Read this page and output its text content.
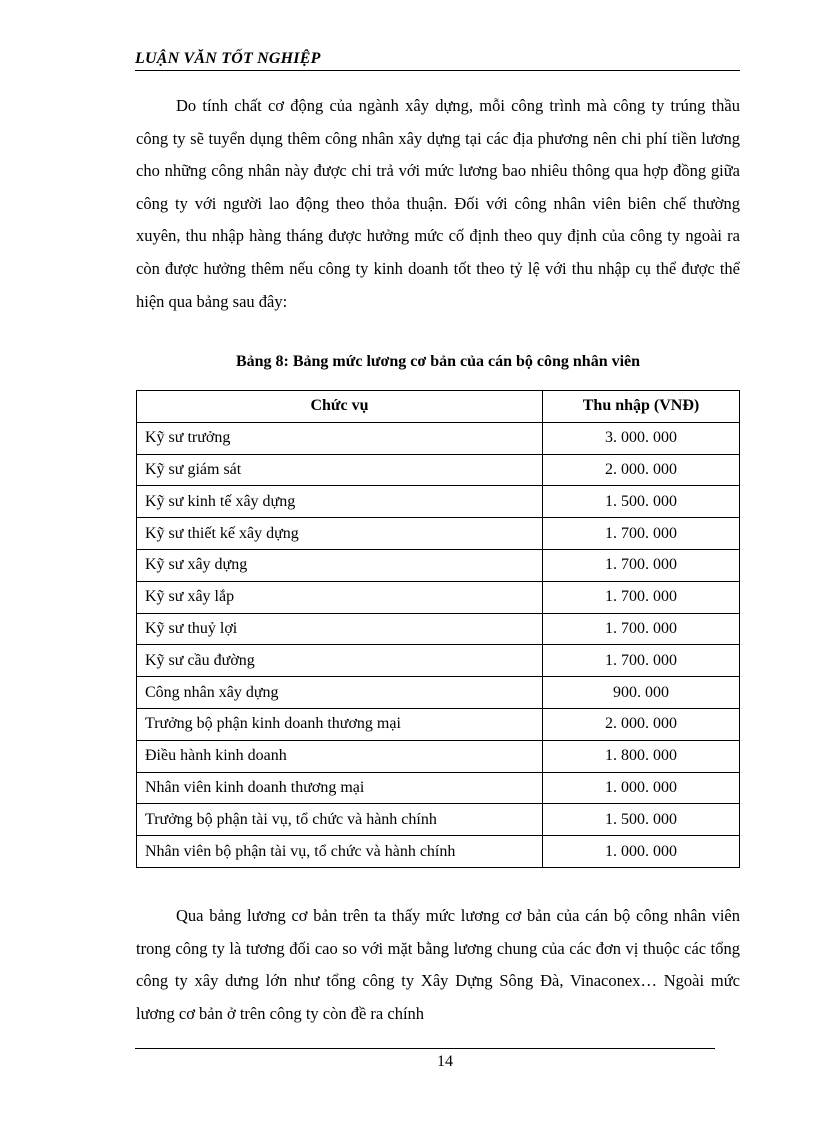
LUẬN VĂN TỐT NGHIỆP

Do tính chất cơ động của ngành xây dựng, mỗi công trình mà công ty trúng thầu công ty sẽ tuyển dụng thêm công nhân xây dựng tại các địa phương nên chi phí tiền lương cho những công nhân này được chi trả với mức lương bao nhiêu thông qua hợp đồng giữa công ty với người lao động theo thỏa thuận. Đối với công nhân viên biên chế thường xuyên, thu nhập hàng tháng được hưởng mức cố định theo quy định của công ty ngoài ra còn được hưởng thêm nếu công ty kinh doanh tốt theo tỷ lệ với thu nhập cụ thể được thể hiện qua bảng sau đây:

Bảng 8: Bảng mức lương cơ bản của cán bộ công nhân viên
Chức vụ	Thu nhập (VNĐ)
Kỹ sư trưởng	3. 000. 000
Kỹ sư giám sát	2. 000. 000
Kỹ sư kinh tế xây dựng	1. 500. 000
Kỹ sư thiết kế xây dựng	1. 700. 000
Kỹ sư xây dựng	1. 700. 000
Kỹ sư xây lắp	1. 700. 000
Kỹ sư thuỷ lợi	1. 700. 000
Kỹ sư cầu đường	1. 700. 000
Công nhân xây dựng	900. 000
Trưởng bộ phận kinh doanh thương mại	2. 000. 000
Điều hành kinh doanh	1. 800. 000
Nhân viên kinh doanh thương mại	1. 000. 000
Trưởng bộ phận tài vụ, tổ chức và hành chính	1. 500. 000
Nhân viên bộ phận tài vụ, tổ chức và hành chính	1. 000. 000

Qua bảng lương cơ bản trên ta thấy mức lương cơ bản của cán bộ công nhân viên trong công ty là tương đối cao so với mặt bằng lương chung của các đơn vị thuộc các tổng công ty xây dưng lớn như tổng công ty Xây Dựng Sông Đà, Vinaconex… Ngoài mức lương cơ bản ở trên công ty còn đề ra chính

14
